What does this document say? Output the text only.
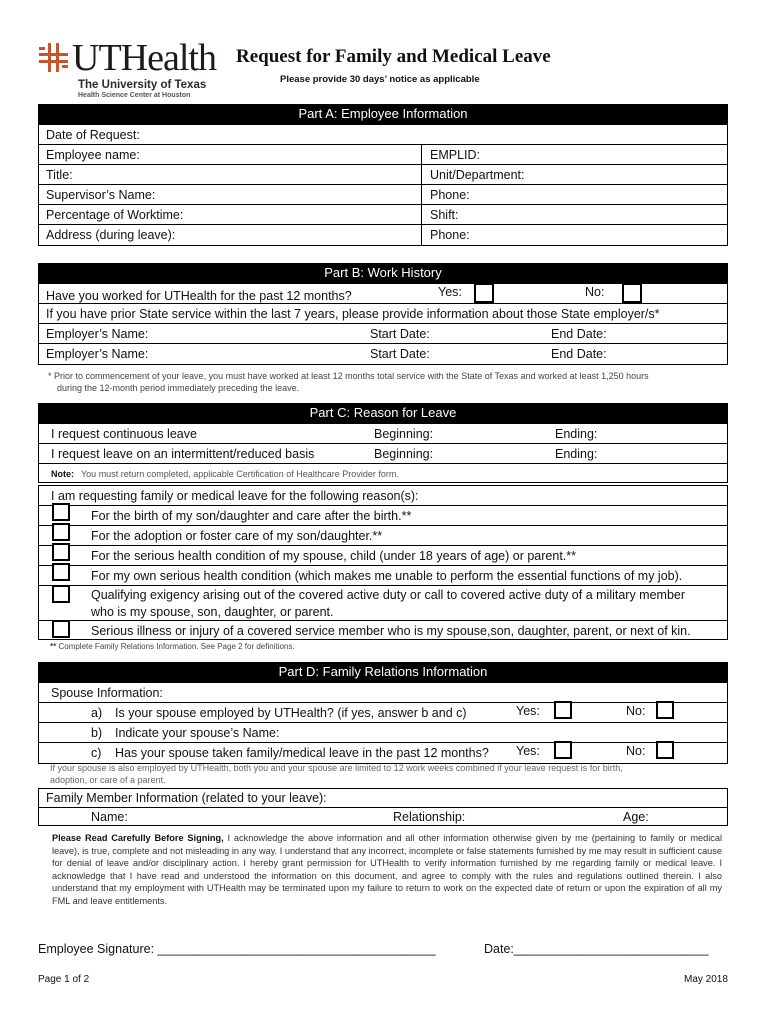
UTHealth
The University of Texas
Health Science Center at Houston
Request for Family and Medical Leave
Please provide 30 days’ notice as applicable
Part A: Employee Information
Date of Request:
Employee name:	EMPLID:
Title:	Unit/Department:
Supervisor’s Name:	Phone:
Percentage of Worktime:	Shift:
Address (during leave):	Phone:
Part B: Work History
Have you worked for UTHealth for the past 12 months?	Yes:	No:
If you have prior State service within the last 7 years, please provide information about those State employer/s*
Employer’s Name:	Start Date:	End Date:
Employer’s Name:	Start Date:	End Date:
* Prior to commencement of your leave, you must have worked at least 12 months total service with the State of Texas and worked at least 1,250 hours
during the 12-month period immediately preceding the leave.
Part C: Reason for Leave
I request continuous leave	Beginning:	Ending:
I request leave on an intermittent/reduced basis	Beginning:	Ending:
Note: You must return completed, applicable Certification of Healthcare Provider form.
I am requesting family or medical leave for the following reason(s):
For the birth of my son/daughter and care after the birth.**
For the adoption or foster care of my son/daughter.**
For the serious health condition of my spouse, child (under 18 years of age) or parent.**
For my own serious health condition (which makes me unable to perform the essential functions of my job).
Qualifying exigency arising out of the covered active duty or call to covered active duty of a military member
who is my spouse, son, daughter, or parent.
Serious illness or injury of a covered service member who is my spouse,son, daughter, parent, or next of kin.
** Complete Family Relations Information. See Page 2 for definitions.
Part D: Family Relations Information
Spouse Information:
a) Is your spouse employed by UTHealth? (if yes, answer b and c)	Yes:	No:
b) Indicate your spouse’s Name:
c) Has your spouse taken family/medical leave in the past 12 months? Yes:	No:
If your spouse is also employed by UTHealth, both you and your spouse are limited to 12 work weeks combined if your leave request is for birth,
adoption, or care of a parent.
Family Member Information (related to your leave):
Name:	Relationship:	Age:
Please Read Carefully Before Signing, I acknowledge the above information and all other information otherwise given by me (pertaining to family or medical leave), is true, complete and not misleading in any way. I understand that any incorrect, incomplete or false statements furnished by me may result in sufficient cause for denial of leave and/or disciplinary action. I hereby grant permission for UTHealth to verify information furnished by me regarding family or medical leave. I acknowledge that I have read and understood the information on this document, and agree to comply with the rules and regulations outlined therein. I also understand that my employment with UTHealth may be terminated upon my failure to return to work on the expected date of return or upon the expiration of all my FML and leave entitlements.
Employee Signature: ________________________________________	Date:____________________________
Page 1 of 2	May 2018
